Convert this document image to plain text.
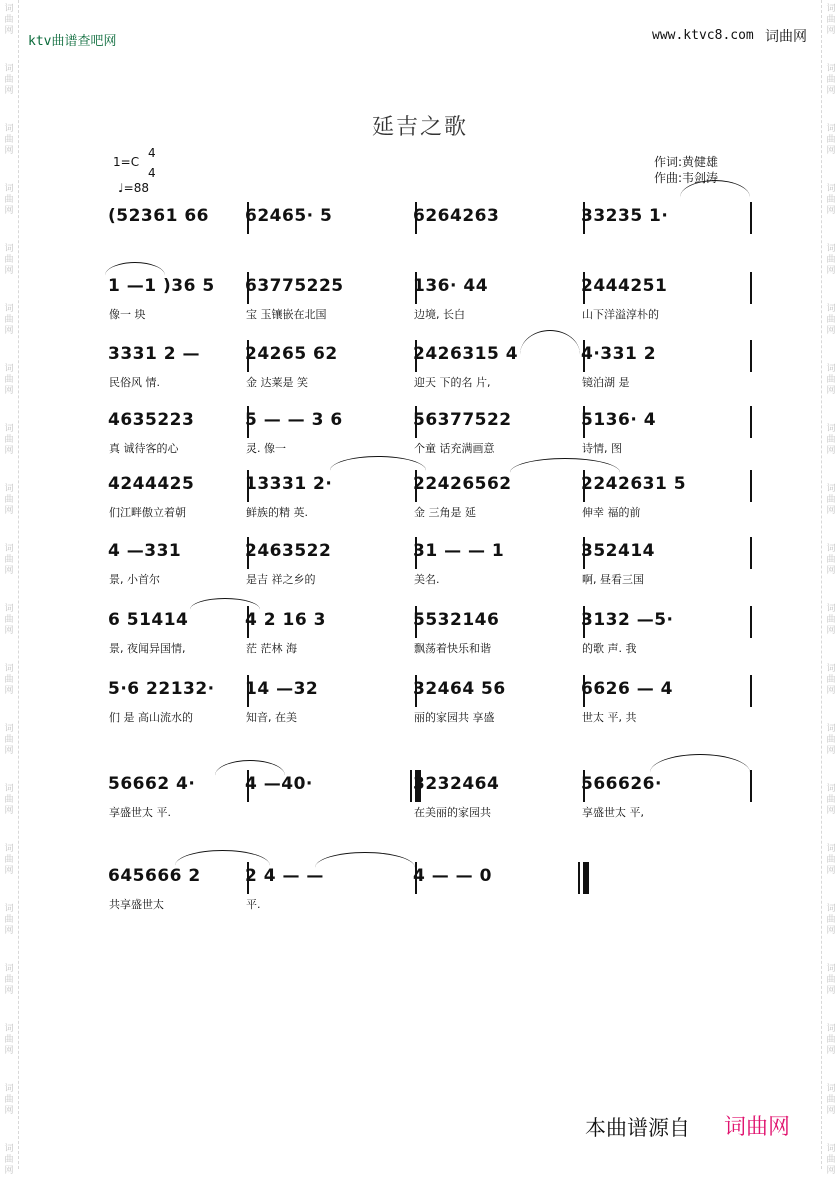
词
曲
网
词
曲
网
词
曲
网
词
曲
网
词
曲
网
词
曲
网
词
曲
网
词
曲
网
词
曲
网
词
曲
网
词
曲
网
词
曲
网
词
曲
网
词
曲
网
词
曲
网
词
曲
网
词
曲
网
词
曲
网
词
曲
网
词
曲
网
词
曲
网
词
曲
网
词
曲
网
词
曲
网
词
曲
网
词
曲
网
词
曲
网
词
曲
网
词
曲
网
词
曲
网
词
曲
网
词
曲
网
词
曲
网
词
曲
网
词
曲
网
词
曲
网
词
曲
网
词
曲
网
词
曲
网
词
曲
网
ktv曲谱查吧网	www.ktvc8.com 词曲网
延吉之歌
1=C
4
4
♩=88
作词:黄健雄
作曲:韦剑涛
(52361 66 62465· 5	6264263	33235 1·
1 —1 )36 5
像一 块
63775225
宝 玉镶嵌在北国
136· 44
边境, 长白
2444251
山下洋溢淳朴的
3331 2 —
民俗风 情.
24265 62
金 达莱是 笑
2426315 4
迎天 下的名 片,
4·331 2
镜泊湖 是
4635223
真 诚待客的心
5 — — 3 6
灵. 像一
56377522
个童 话充满画意
5136· 4
诗情, 图
4244425
们江畔傲立着朝
13331 2·
鲜族的精 英.
22426562
金 三角是 延
2242631 5
伸幸 福的前
4 —331
景, 小首尔
2463522
是吉 祥之乡的
31 — — 1
美名.
352414
啊, 昼看三国
6 51414
景, 夜闻异国情,
4 2 16 3
茫 茫林 海
5532146
飘荡着快乐和谐
3132 —5·
的歌 声. 我
5·6 22132·
们 是 高山流水的
14 —32
知音, 在美
32464 56
丽的家园共 享盛
6626 — 4
世太 平, 共
56662 4·
享盛世太 平.
4 —40·	3232464
在美丽的家园共
566626·
享盛世太 平,
645666 2
共享盛世太
2 4 — —
平.
4 — — 0
本曲谱源自 词曲网
